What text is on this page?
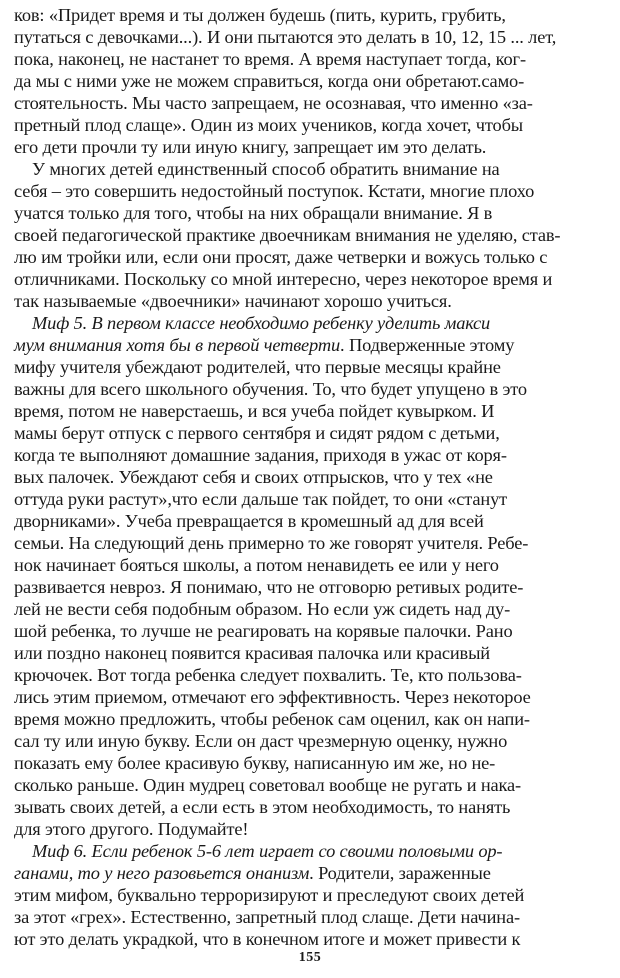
ков: «Придет время и ты должен будешь (пить, курить, грубить,
путаться с девочками...). И они пытаются это делать в 10, 12, 15 ... лет,
пока, наконец, не настанет то время. А время наступает тогда, ког-
да мы с ними уже не можем справиться, когда они обретают.само-
стоятельность. Мы часто запрещаем, не осознавая, что именно «за-
претный плод слаще». Один из моих учеников, когда хочет, чтобы
его дети прочли ту или иную книгу, запрещает им это делать.
У многих детей единственный способ обратить внимание на
себя – это совершить недостойный поступок. Кстати, многие плохо
учатся только для того, чтобы на них обращали внимание. Я в
своей педагогической практике двоечникам внимания не уделяю, став-
лю им тройки или, если они просят, даже четверки и вожусь только с
отличниками. Поскольку со мной интересно, через некоторое время и
так называемые «двоечники» начинают хорошо учиться.
Миф 5. В первом классе необходимо ребенку уделить макси
мум внимания хотя бы в первой четверти. Подверженные этому
мифу учителя убеждают родителей, что первые месяцы крайне
важны для всего школьного обучения. То, что будет упущено в это
время, потом не наверстаешь, и вся учеба пойдет кувырком. И
мамы берут отпуск с первого сентября и сидят рядом с детьми,
когда те выполняют домашние задания, приходя в ужас от коря-
вых палочек. Убеждают себя и своих отпрысков, что у тех «не
оттуда руки растут»,что если дальше так пойдет, то они «станут
дворниками». Учеба превращается в кромешный ад для всей
семьи. На следующий день примерно то же говорят учителя. Ребе-
нок начинает бояться школы, а потом ненавидеть ее или у него
развивается невроз. Я понимаю, что не отговорю ретивых родите-
лей не вести себя подобным образом. Но если уж сидеть над ду-
шой ребенка, то лучше не реагировать на корявые палочки. Рано
или поздно наконец появится красивая палочка или красивый
крючочек. Вот тогда ребенка следует похвалить. Те, кто пользова-
лись этим приемом, отмечают его эффективность. Через некоторое
время можно предложить, чтобы ребенок сам оценил, как он напи-
сал ту или иную букву. Если он даст чрезмерную оценку, нужно
показать ему более красивую букву, написанную им же, но не-
сколько раньше. Один мудрец советовал вообще не ругать и нака-
зывать своих детей, а если есть в этом необходимость, то нанять
для этого другого. Подумайте!
Миф 6. Если ребенок 5-6 лет играет со своими половыми ор-
ганами, то у него разовьется онанизм. Родители, зараженные
этим мифом, буквально терроризируют и преследуют своих детей
за этот «грех». Естественно, запретный плод слаще. Дети начина-
ют это делать украдкой, что в конечном итоге и может привести к
155
